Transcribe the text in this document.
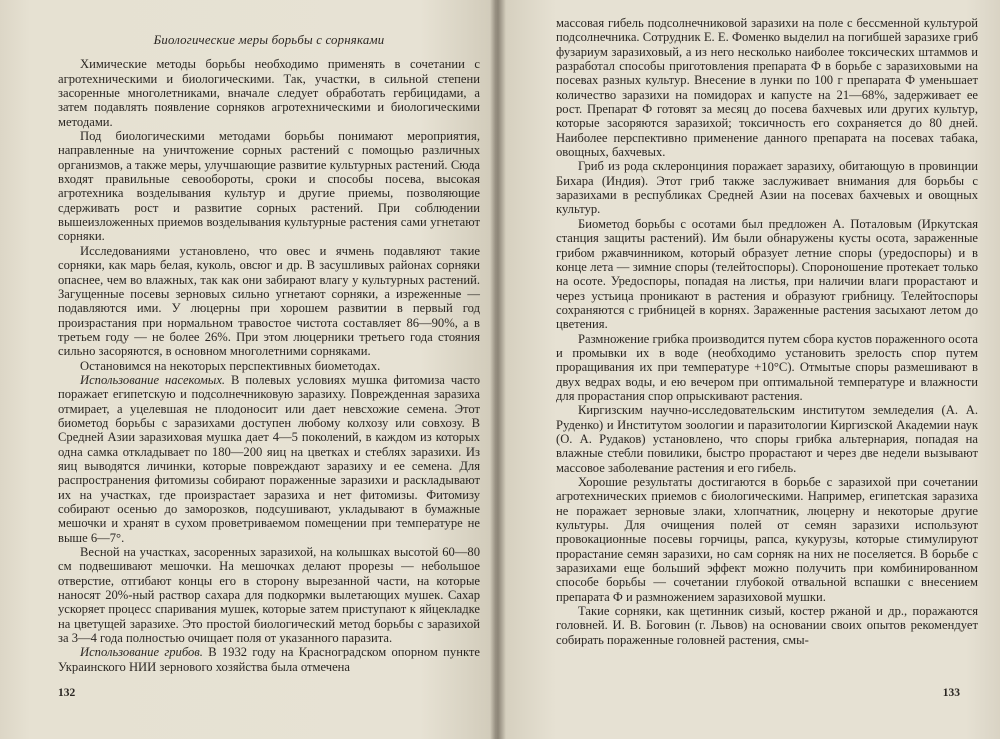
Биологические меры борьбы с сорняками

Химические методы борьбы необходимо применять в сочетании с агротехническими и биологическими. Так, участки, в сильной степени засоренные многолетниками, вначале следует обработать гербицидами, а затем подавлять появление сорняков агротехническими и биологическими методами.

Под биологическими методами борьбы понимают мероприятия, направленные на уничтожение сорных растений с помощью различных организмов, а также меры, улучшающие развитие культурных растений. Сюда входят правильные севообороты, сроки и способы посева, высокая агротехника возделывания культур и другие приемы, позволяющие сдерживать рост и развитие сорных растений. При соблюдении вышеизложенных приемов возделывания культурные растения сами угнетают сорняки.

Исследованиями установлено, что овес и ячмень подавляют такие сорняки, как марь белая, куколь, овсюг и др. В засушливых районах сорняки опаснее, чем во влажных, так как они забирают влагу у культурных растений. Загущенные посевы зерновых сильно угнетают сорняки, а изреженные — подавляются ими. У люцерны при хорошем развитии в первый год произрастания при нормальном травостое чистота составляет 86—90%, а в третьем году — не более 26%. При этом люцерники третьего года стояния сильно засоряются, в основном многолетними сорняками.

Остановимся на некоторых перспективных биометодах.

Использование насекомых. В полевых условиях мушка фитомиза часто поражает египетскую и подсолнечниковую заразиху. Поврежденная заразиха отмирает, а уцелевшая не плодоносит или дает невсхожие семена. Этот биометод борьбы с заразихами доступен любому колхозу или совхозу. В Средней Азии заразиховая мушка дает 4—5 поколений, в каждом из которых одна самка откладывает по 180—200 яиц на цветках и стеблях заразихи. Из яиц выводятся личинки, которые повреждают заразиху и ее семена. Для распространения фитомизы собирают пораженные заразихи и раскладывают их на участках, где произрастает заразиха и нет фитомизы. Фитомизу собирают осенью до заморозков, подсушивают, укладывают в бумажные мешочки и хранят в сухом проветриваемом помещении при температуре не выше 6—7°.

Весной на участках, засоренных заразихой, на колышках высотой 60—80 см подвешивают мешочки. На мешочках делают прорезы — небольшое отверстие, отгибают концы его в сторону вырезанной части, на которые наносят 20%-ный раствор сахара для подкормки вылетающих мушек. Сахар ускоряет процесс спаривания мушек, которые затем приступают к яйцекладке на цветущей заразихе. Это простой биологический метод борьбы с заразихой за 3—4 года полностью очищает поля от указанного паразита.

Использование грибов. В 1932 году на Красноградском опорном пункте Украинского НИИ зернового хозяйства была отмечена

132

массовая гибель подсолнечниковой заразихи на поле с бессменной культурой подсолнечника. Сотрудник Е. Е. Фоменко выделил на погибшей заразихе гриб фузариум заразиховый, а из него несколько наиболее токсических штаммов и разработал способы приготовления препарата Ф в борьбе с заразиховыми на посевах разных культур. Внесение в лунки по 100 г препарата Ф уменьшает количество заразихи на помидорах и капусте на 21—68%, задерживает ее рост. Препарат Ф готовят за месяц до посева бахчевых или других культур, которые засоряются заразихой; токсичность его сохраняется до 80 дней. Наиболее перспективно применение данного препарата на посевах табака, овощных, бахчевых.

Гриб из рода склеронциния поражает заразиху, обитающую в провинции Бихара (Индия). Этот гриб также заслуживает внимания для борьбы с заразихами в республиках Средней Азии на посевах бахчевых и овощных культур.

Биометод борьбы с осотами был предложен А. Поталовым (Иркутская станция защиты растений). Им были обнаружены кусты осота, зараженные грибом ржавчинником, который образует летние споры (уредоспоры) и в конце лета — зимние споры (телейтоспоры). Спороношение протекает только на осоте. Уредоспоры, попадая на листья, при наличии влаги прорастают и через устьица проникают в растения и образуют грибницу. Телейтоспоры сохраняются с грибницей в корнях. Зараженные растения засыхают летом до цветения.

Размножение грибка производится путем сбора кустов пораженного осота и промывки их в воде (необходимо установить зрелость спор путем проращивания их при температуре +10°С). Отмытые споры размешивают в двух ведрах воды, и ею вечером при оптимальной температуре и влажности для прорастания спор опрыскивают растения.

Киргизским научно-исследовательским институтом земледелия (А. А. Руденко) и Институтом зоологии и паразитологии Киргизской Академии наук (О. А. Рудаков) установлено, что споры грибка альтернария, попадая на влажные стебли повилики, быстро прорастают и через две недели вызывают массовое заболевание растения и его гибель.

Хорошие результаты достигаются в борьбе с заразихой при сочетании агротехнических приемов с биологическими. Например, египетская заразиха не поражает зерновые злаки, хлопчатник, люцерну и некоторые другие культуры. Для очищения полей от семян заразихи используют провокационные посевы горчицы, рапса, кукурузы, которые стимулируют прорастание семян заразихи, но сам сорняк на них не поселяется. В борьбе с заразихами еще больший эффект можно получить при комбинированном способе борьбы — сочетании глубокой отвальной вспашки с внесением препарата Ф и размножением заразиховой мушки.

Такие сорняки, как щетинник сизый, костер ржаной и др., поражаются головней. И. В. Боговин (г. Львов) на основании своих опытов рекомендует собирать пораженные головней растения, смы-

133
